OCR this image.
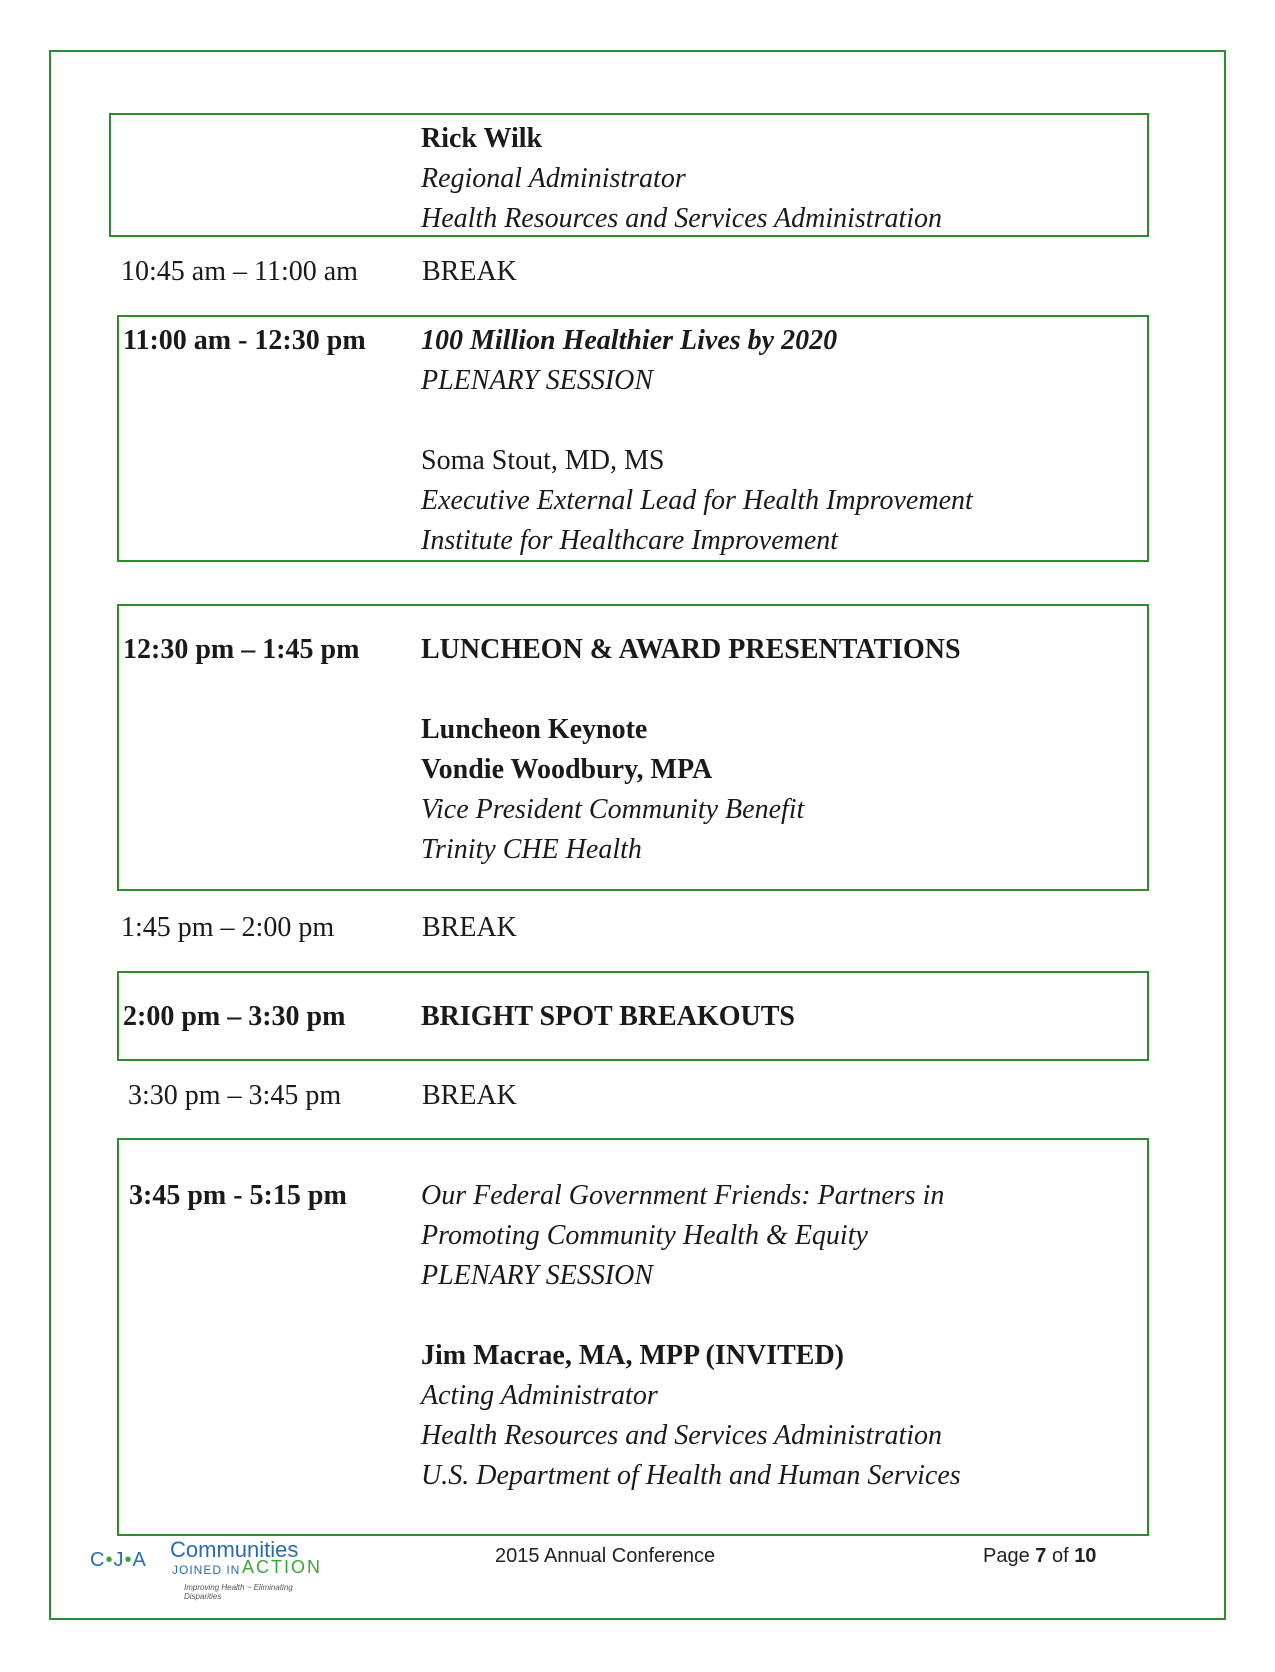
Rick Wilk
Regional Administrator
Health Resources and Services Administration
10:45 am – 11:00 am BREAK
11:00 am - 12:30 pm 100 Million Healthier Lives by 2020
PLENARY SESSION
Soma Stout, MD, MS
Executive External Lead for Health Improvement
Institute for Healthcare Improvement
12:30 pm – 1:45 pm LUNCHEON & AWARD PRESENTATIONS
Luncheon Keynote
Vondie Woodbury, MPA
Vice President Community Benefit
Trinity CHE Health
1:45 pm – 2:00 pm	BREAK
2:00 pm – 3:30 pm	BRIGHT SPOT BREAKOUTS
3:30 pm – 3:45 pm	BREAK
3:45 pm - 5:15 pm	Our Federal Government Friends: Partners in
Promoting Community Health & Equity
PLENARY SESSION
Jim Macrae, MA, MPP (INVITED)
Acting Administrator
Health Resources and Services Administration
U.S. Department of Health and Human Services
C•J•A Communities
JOINED IN ACTION
Improving Health ~ Eliminating Disparities
2015 Annual Conference	Page 7 of 10
